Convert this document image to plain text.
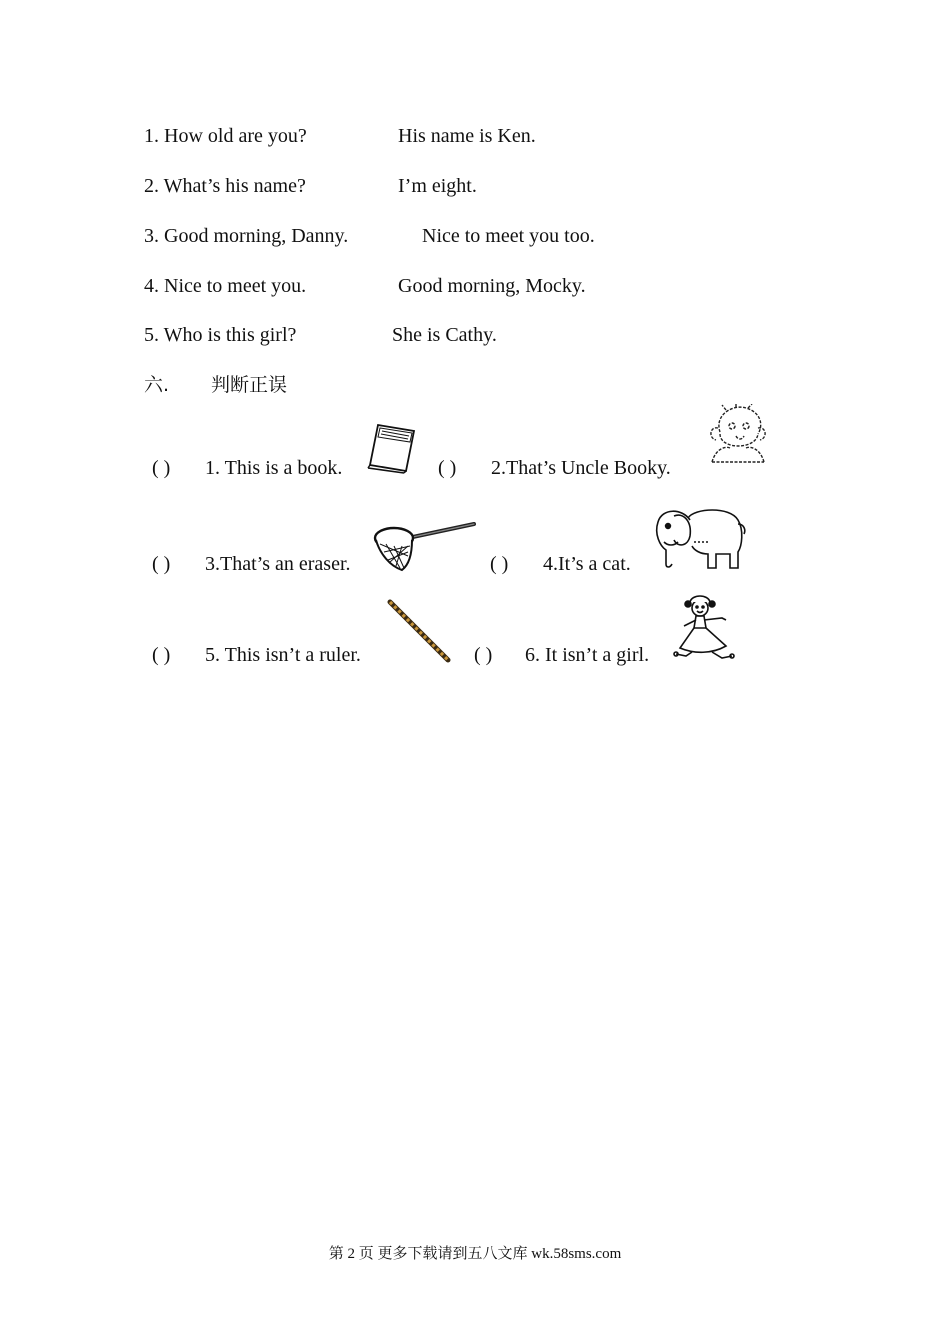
1. How old are you?	His name is Ken.
2. What’s his name?	I’m eight.
3. Good morning, Danny.	Nice to meet you too.
4. Nice to meet you.	Good morning, Mocky.
5. Who is this girl?	She is Cathy.
六. 判断正误
( ) 1. This is a book.	( ) 2.That’s Uncle Booky.
( ) 3.That’s an eraser.	( ) 4.It’s a cat.
( ) 5. This isn’t a ruler.	( ) 6. It isn’t a girl.
第 2 页 更多下载请到五八文库 wk.58sms.com
